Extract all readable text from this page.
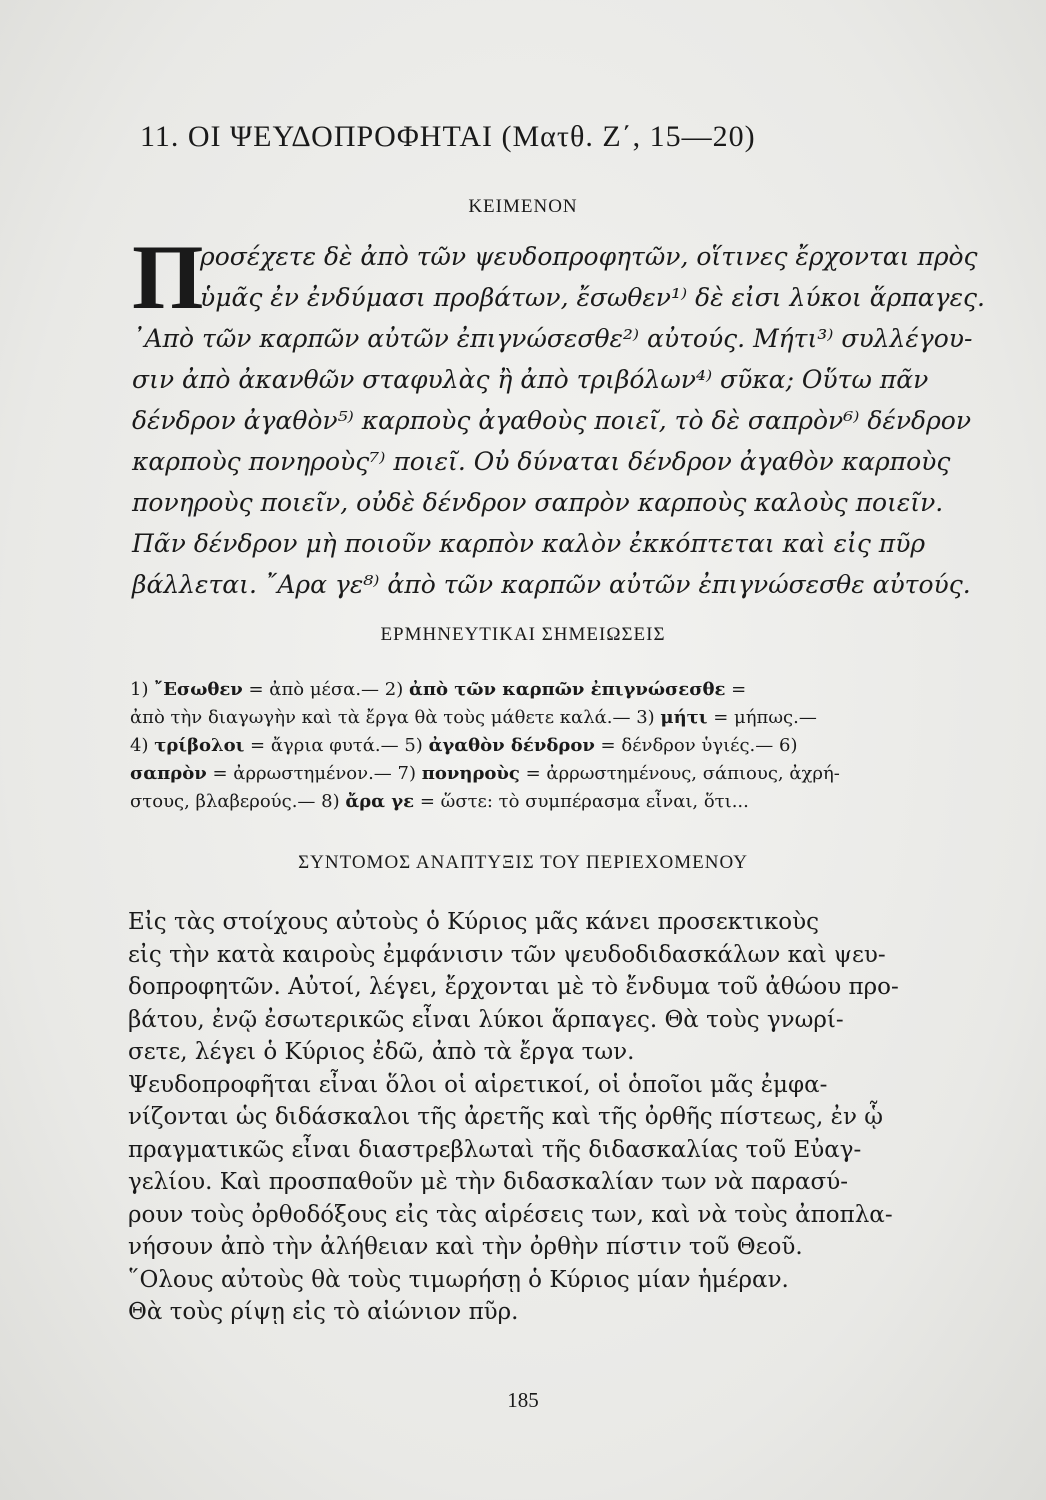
11. ΟΙ ΨΕΥΔΟΠΡΟΦΗΤΑΙ (Ματθ. Ζ΄, 15—20)
ΚΕΙΜΕΝΟΝ
Π
ροσέχετε δὲ ἀπὸ τῶν ψευδοπροφητῶν, οἵτινες ἔρχονται πρὸς
ὑμᾶς ἐν ἐνδύμασι προβάτων, ἔσωθεν¹⁾ δὲ εἰσι λύκοι ἅρπαγες.
᾿Απὸ τῶν καρπῶν αὐτῶν ἐπιγνώσεσθε²⁾ αὐτούς. Μήτι³⁾ συλλέγου-
σιν ἀπὸ ἀκανθῶν σταφυλὰς ἢ ἀπὸ τριβόλων⁴⁾ σῦκα; Οὕτω πᾶν
δένδρον ἀγαθὸν⁵⁾ καρποὺς ἀγαθοὺς ποιεῖ, τὸ δὲ σαπρὸν⁶⁾ δένδρον
καρποὺς πονηροὺς⁷⁾ ποιεῖ. Οὐ δύναται δένδρον ἀγαθὸν καρποὺς
πονηροὺς ποιεῖν, οὐδὲ δένδρον σαπρὸν καρποὺς καλοὺς ποιεῖν.
Πᾶν δένδρον μὴ ποιοῦν καρπὸν καλὸν ἐκκόπτεται καὶ εἰς πῦρ
βάλλεται. ῎Αρα γε⁸⁾ ἀπὸ τῶν καρπῶν αὐτῶν ἐπιγνώσεσθε αὐτούς.
ΕΡΜΗΝΕΥΤΙΚΑΙ ΣΗΜΕΙΩΣΕΙΣ
1) ῎Εσωθεν = ἀπὸ μέσα.— 2) ἀπὸ τῶν καρπῶν ἐπιγνώσεσθε =
ἀπὸ τὴν διαγωγὴν καὶ τὰ ἔργα θὰ τοὺς μάθετε καλά.— 3) μήτι = μήπως.—
4) τρίβολοι = ἄγρια φυτά.— 5) ἀγαθὸν δένδρον = δένδρον ὑγιές.— 6)
σαπρὸν = ἀρρωστημένον.— 7) πονηροὺς = ἀρρωστημένους, σάπιους, ἀχρή-
στους, βλαβερούς.— 8) ἄρα γε = ὥστε: τὸ συμπέρασμα εἶναι, ὅτι...
ΣΥΝΤΟΜΟΣ ΑΝΑΠΤΥΞΙΣ ΤΟΥ ΠΕΡΙΕΧΟΜΕΝΟΥ
Εἰς τὰς στοίχους αὐτοὺς ὁ Κύριος μᾶς κάνει προσεκτικοὺς
εἰς τὴν κατὰ καιροὺς ἐμφάνισιν τῶν ψευδοδιδασκάλων καὶ ψευ-
δοπροφητῶν. Αὐτοί, λέγει, ἔρχονται μὲ τὸ ἔνδυμα τοῦ ἀθώου προ-
βάτου, ἐνῷ ἐσωτερικῶς εἶναι λύκοι ἅρπαγες. Θὰ τοὺς γνωρί-
σετε, λέγει ὁ Κύριος ἐδῶ, ἀπὸ τὰ ἔργα των.
Ψευδοπροφῆται εἶναι ὅλοι οἱ αἱρετικοί, οἱ ὁποῖοι μᾶς ἐμφα-
νίζονται ὡς διδάσκαλοι τῆς ἀρετῆς καὶ τῆς ὀρθῆς πίστεως, ἐν ᾧ
πραγματικῶς εἶναι διαστρεβλωταὶ τῆς διδασκαλίας τοῦ Εὐαγ-
γελίου. Καὶ προσπαθοῦν μὲ τὴν διδασκαλίαν των νὰ παρασύ-
ρουν τοὺς ὀρθοδόξους εἰς τὰς αἱρέσεις των, καὶ νὰ τοὺς ἀποπλα-
νήσουν ἀπὸ τὴν ἀλήθειαν καὶ τὴν ὀρθὴν πίστιν τοῦ Θεοῦ.
῞Ολους αὐτοὺς θὰ τοὺς τιμωρήσῃ ὁ Κύριος μίαν ἡμέραν.
Θὰ τοὺς ρίψῃ εἰς τὸ αἰώνιον πῦρ.
185
